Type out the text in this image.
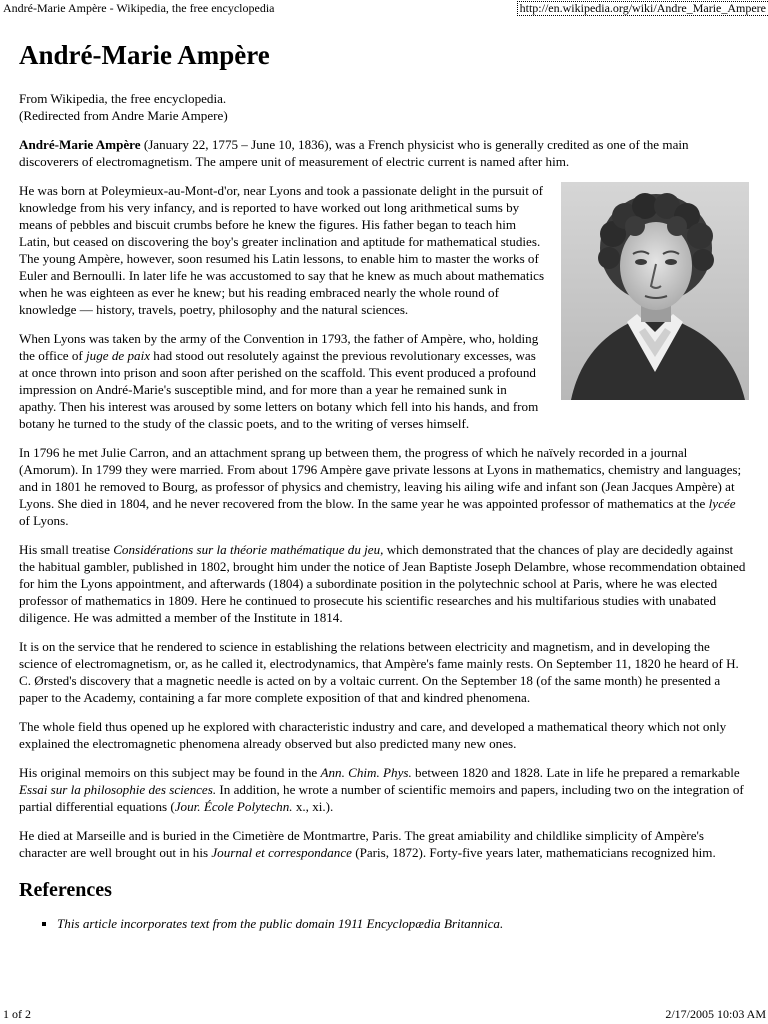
André-Marie Ampère - Wikipedia, the free encyclopedia	http://en.wikipedia.org/wiki/Andre_Marie_Ampere
André-Marie Ampère

From Wikipedia, the free encyclopedia.
(Redirected from Andre Marie Ampere)

André-Marie Ampère (January 22, 1775 – June 10, 1836), was a French physicist who is generally credited as one of the main discoverers of electromagnetism. The ampere unit of measurement of electric current is named after him.

He was born at Poleymieux-au-Mont-d'or, near Lyons and took a passionate delight in the pursuit of knowledge from his very infancy, and is reported to have worked out long arithmetical sums by means of pebbles and biscuit crumbs before he knew the figures. His father began to teach him Latin, but ceased on discovering the boy's greater inclination and aptitude for mathematical studies. The young Ampère, however, soon resumed his Latin lessons, to enable him to master the works of Euler and Bernoulli. In later life he was accustomed to say that he knew as much about mathematics when he was eighteen as ever he knew; but his reading embraced nearly the whole round of knowledge — history, travels, poetry, philosophy and the natural sciences.

When Lyons was taken by the army of the Convention in 1793, the father of Ampère, who, holding the office of juge de paix had stood out resolutely against the previous revolutionary excesses, was at once thrown into prison and soon after perished on the scaffold. This event produced a profound impression on André-Marie's susceptible mind, and for more than a year he remained sunk in apathy. Then his interest was aroused by some letters on botany which fell into his hands, and from botany he turned to the study of the classic poets, and to the writing of verses himself.

In 1796 he met Julie Carron, and an attachment sprang up between them, the progress of which he naïvely recorded in a journal (Amorum). In 1799 they were married. From about 1796 Ampère gave private lessons at Lyons in mathematics, chemistry and languages; and in 1801 he removed to Bourg, as professor of physics and chemistry, leaving his ailing wife and infant son (Jean Jacques Ampère) at Lyons. She died in 1804, and he never recovered from the blow. In the same year he was appointed professor of mathematics at the lycée of Lyons.

His small treatise Considérations sur la théorie mathématique du jeu, which demonstrated that the chances of play are decidedly against the habitual gambler, published in 1802, brought him under the notice of Jean Baptiste Joseph Delambre, whose recommendation obtained for him the Lyons appointment, and afterwards (1804) a subordinate position in the polytechnic school at Paris, where he was elected professor of mathematics in 1809. Here he continued to prosecute his scientific researches and his multifarious studies with unabated diligence. He was admitted a member of the Institute in 1814.

It is on the service that he rendered to science in establishing the relations between electricity and magnetism, and in developing the science of electromagnetism, or, as he called it, electrodynamics, that Ampère's fame mainly rests. On September 11, 1820 he heard of H. C. Ørsted's discovery that a magnetic needle is acted on by a voltaic current. On the September 18 (of the same month) he presented a paper to the Academy, containing a far more complete exposition of that and kindred phenomena.

The whole field thus opened up he explored with characteristic industry and care, and developed a mathematical theory which not only explained the electromagnetic phenomena already observed but also predicted many new ones.

His original memoirs on this subject may be found in the Ann. Chim. Phys. between 1820 and 1828. Late in life he prepared a remarkable Essai sur la philosophie des sciences. In addition, he wrote a number of scientific memoirs and papers, including two on the integration of partial differential equations (Jour. École Polytechn. x., xi.).

He died at Marseille and is buried in the Cimetière de Montmartre, Paris. The great amiability and childlike simplicity of Ampère's character are well brought out in his Journal et correspondance (Paris, 1872). Forty-five years later, mathematicians recognized him.

References
▪ This article incorporates text from the public domain 1911 Encyclopædia Britannica.
1 of 2	2/17/2005 10:03 AM
